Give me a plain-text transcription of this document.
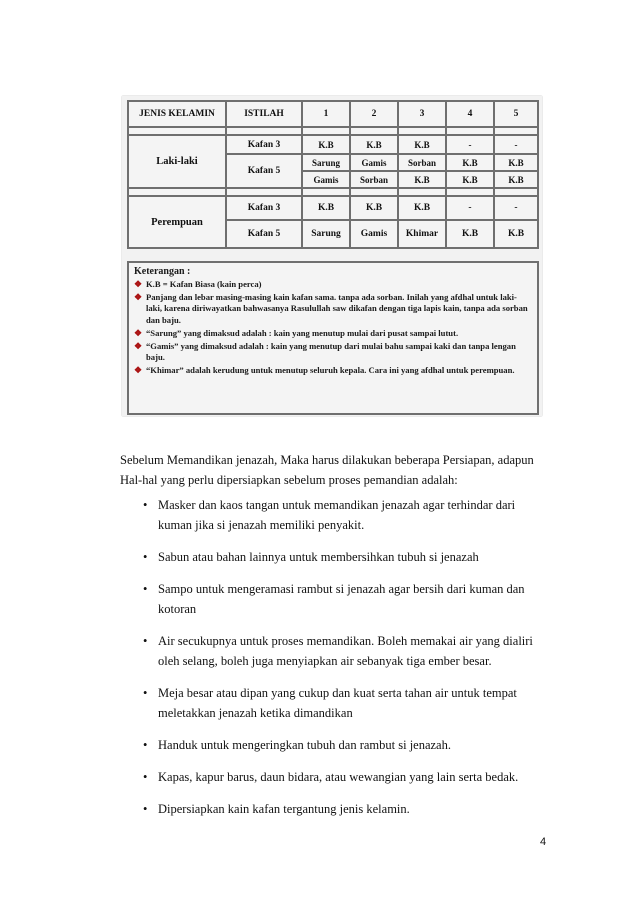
JENIS KELAMIN	ISTILAH	1	2	3	4	5

Laki-laki	Kafan 3	K.B	K.B	K.B	-	-
	Kafan 5	Sarung	Gamis	Sorban	K.B	K.B
		Gamis	Sorban	K.B	K.B	K.B

Perempuan	Kafan 3	K.B	K.B	K.B	-	-
	Kafan 5	Sarung	Gamis	Khimar	K.B	K.B
Keterangan :
❖ K.B = Kafan Biasa (kain perca)
❖ Panjang dan lebar masing-masing kain kafan sama. tanpa ada sorban. Inilah yang afdhal untuk laki-laki, karena diriwayatkan bahwasanya Rasulullah saw dikafan dengan tiga lapis kain, tanpa ada sorban dan baju.
❖ “Sarung” yang dimaksud adalah : kain yang menutup mulai dari pusat sampai lutut.
❖ “Gamis” yang dimaksud adalah : kain yang menutup dari mulai bahu sampai kaki dan tanpa lengan baju.
❖ “Khimar” adalah kerudung untuk menutup seluruh kepala. Cara ini yang afdhal untuk perempuan.

Sebelum Memandikan jenazah, Maka harus dilakukan beberapa Persiapan, adapun Hal-hal yang perlu dipersiapkan sebelum proses pemandian adalah:

• Masker dan kaos tangan untuk memandikan jenazah agar terhindar dari kuman jika si jenazah memiliki penyakit.
• Sabun atau bahan lainnya untuk membersihkan tubuh si jenazah
• Sampo untuk mengeramasi rambut si jenazah agar bersih dari kuman dan kotoran
• Air secukupnya untuk proses memandikan. Boleh memakai air yang dialiri oleh selang, boleh juga menyiapkan air sebanyak tiga ember besar.
• Meja besar atau dipan yang cukup dan kuat serta tahan air untuk tempat meletakkan jenazah ketika dimandikan
• Handuk untuk mengeringkan tubuh dan rambut si jenazah.
• Kapas, kapur barus, daun bidara, atau wewangian yang lain serta bedak.
• Dipersiapkan kain kafan tergantung jenis kelamin.
4
